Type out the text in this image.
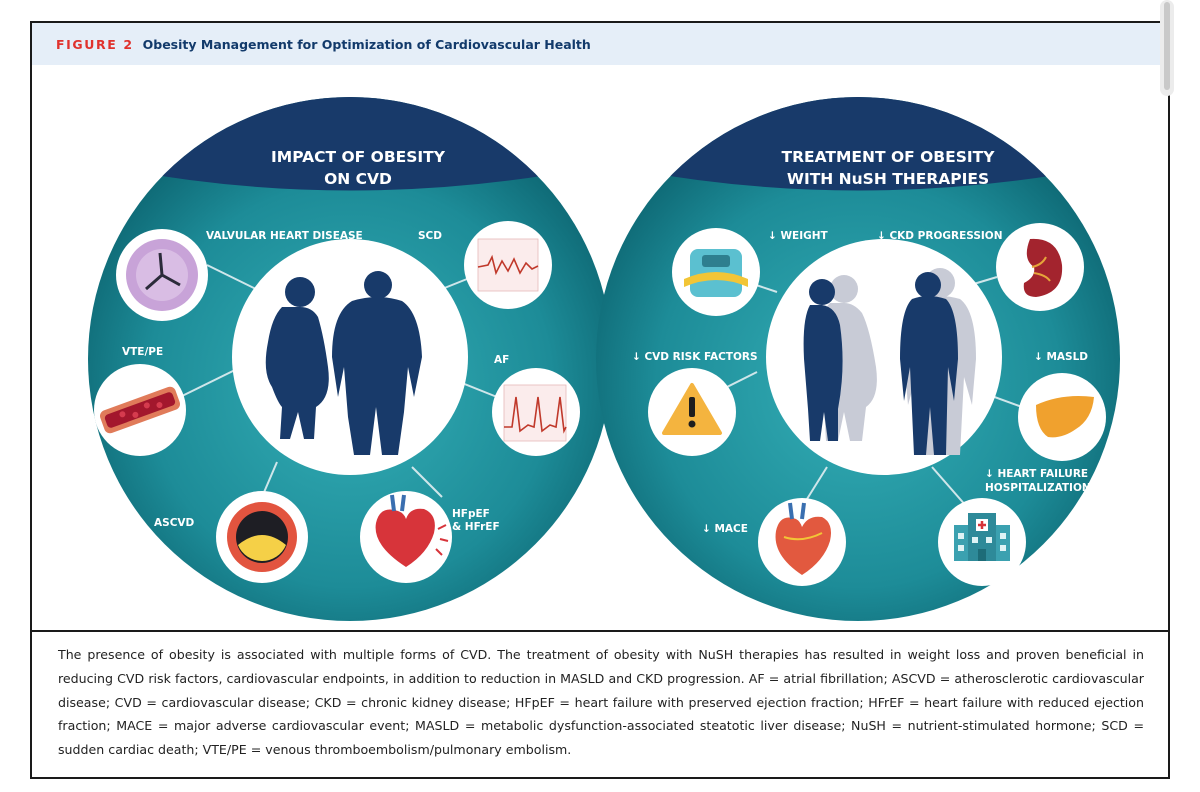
FIGURE 2 Obesity Management for Optimization of Cardiovascular Health
IMPACT OF OBESITY
ON CVD
VALVULAR HEART DISEASE	SCD
VTE/PE
AF
ASCVD
HFpEF
& HFrEF
TREATMENT OF OBESITY
WITH NuSH THERAPIES
↓ WEIGHT	↓ CKD PROGRESSION
↓ CVD RISK FACTORS	↓ MASLD
↓ MACE
↓ HEART FAILURE
HOSPITALIZATIONS
The presence of obesity is associated with multiple forms of CVD. The treatment of obesity with NuSH therapies has resulted in weight loss and proven beneficial in reducing CVD risk factors, cardiovascular endpoints, in addition to reduction in MASLD and CKD progression. AF = atrial fibrillation; ASCVD = atherosclerotic cardiovascular disease; CVD = cardiovascular disease; CKD = chronic kidney disease; HFpEF = heart failure with preserved ejection fraction; HFrEF = heart failure with reduced ejection fraction; MACE = major adverse cardiovascular event; MASLD = metabolic dysfunction-associated steatotic liver disease; NuSH = nutrient-stimulated hormone; SCD = sudden cardiac death; VTE/PE = venous thromboembolism/pulmonary embolism.
